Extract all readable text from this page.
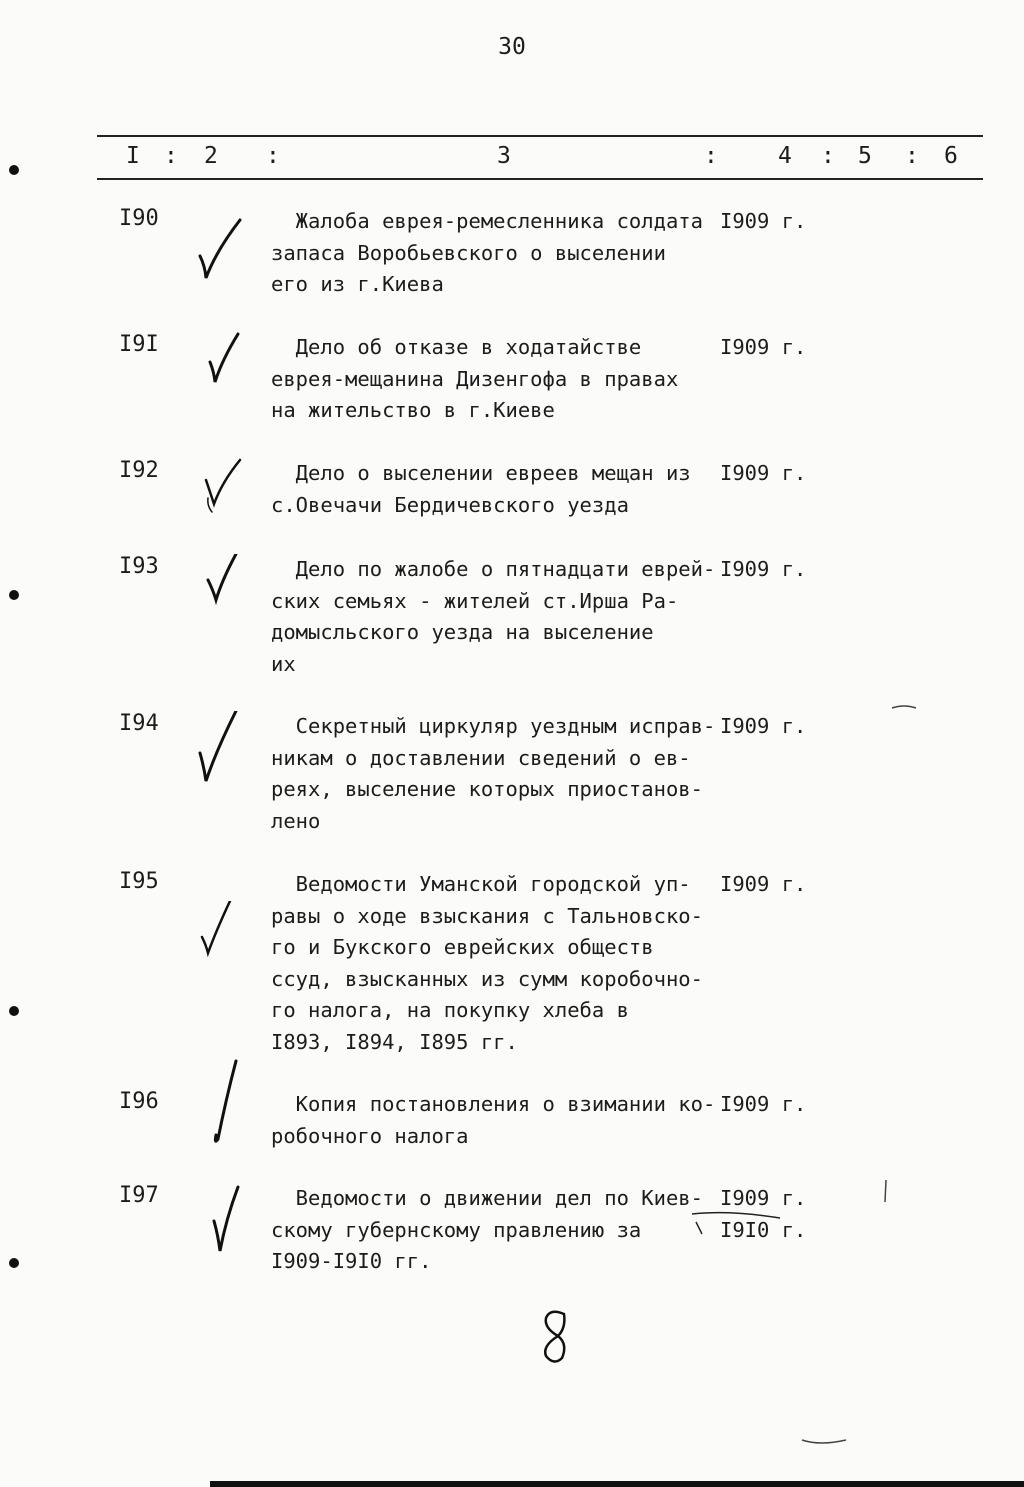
30
I : 2 :	3	:	4 : 5 : 6
I90	Жалоба еврея-ремесленника солдата
запаса Воробьевского о выселении
его из г.Киева
I909 г.
I9I	Дело об отказе в ходатайстве
еврея-мещанина Дизенгофа в правах
на жительство в г.Киеве
I909 г.
I92	Дело о выселении евреев мещан из
с.Овечачи Бердичевского уезда
I909 г.
I93	Дело по жалобе о пятнадцати еврей-
ских семьях - жителей ст.Ирша Ра-
домысльского уезда на выселение
их
I909 г.
I94	Секретный циркуляр уездным исправ-
никам о доставлении сведений о ев-
реях, выселение которых приостанов-
лено
I909 г.
I95	Ведомости Уманской городской уп-
равы о ходе взыскания с Тальновско-
го и Букского еврейских обществ
ссуд, взысканных из сумм коробочно-
го налога, на покупку хлеба в
I893, I894, I895 гг.
I909 г.
I96	Копия постановления о взимании ко-
робочного налога
I909 г.
I97	Ведомости о движении дел по Киев-
скому губернскому правлению за
I909-I9I0 гг.
I909 г.
I9I0 г.
